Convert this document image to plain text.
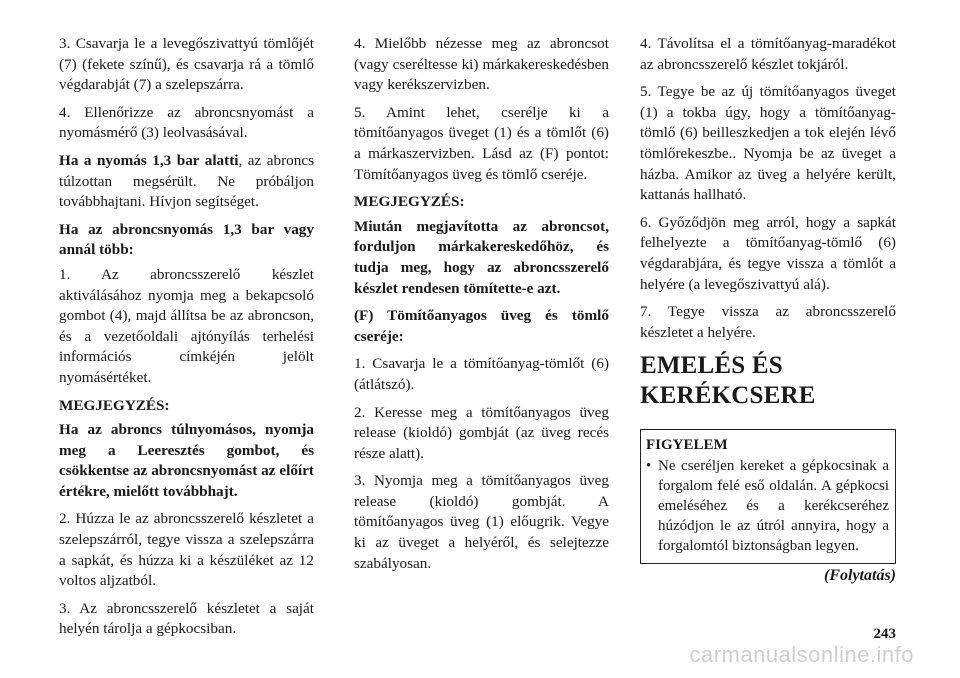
3. Csavarja le a levegőszivattyú tömlőjét (7) (fekete színű), és csavarja rá a tömlő végdarabját (7) a szelepszárra.

4. Ellenőrizze az abroncsnyomást a nyomásmérő (3) leolvasásával.

Ha a nyomás 1,3 bar alatti, az abroncs túlzottan megsérült. Ne próbáljon továbbhajtani. Hívjon segítséget.

Ha az abroncsnyomás 1,3 bar vagy annál több:

1. Az abroncsszerelő készlet aktiválásához nyomja meg a bekapcsoló gombot (4), majd állítsa be az abroncson, és a vezetőoldali ajtónyílás terhelési információs címkéjén jelölt nyomásértéket.

MEGJEGYZÉS:

Ha az abroncs túlnyomásos, nyomja meg a Leeresztés gombot, és csökkentse az abroncsnyomást az előírt értékre, mielőtt továbbhajt.

2. Húzza le az abroncsszerelő készletet a szelepszárról, tegye vissza a szelepszárra a sapkát, és húzza ki a készüléket az 12 voltos aljzatból.

3. Az abroncsszerelő készletet a saját helyén tárolja a gépkocsiban.

4. Mielőbb nézesse meg az abroncsot (vagy cseréltesse ki) márkakereskedésben vagy kerékszervizben.

5. Amint lehet, cserélje ki a tömítőanyagos üveget (1) és a tömlőt (6) a márkaszervizben. Lásd az (F) pontot: Tömítőanyagos üveg és tömlő cseréje.

MEGJEGYZÉS:

Miután megjavította az abroncsot, forduljon márkakereskedőhöz, és tudja meg, hogy az abroncsszerelő készlet rendesen tömítette-e azt.

(F) Tömítőanyagos üveg és tömlő cseréje:

1. Csavarja le a tömítőanyag-tömlőt (6) (átlátszó).

2. Keresse meg a tömítőanyagos üveg release (kioldó) gombját (az üveg recés része alatt).

3. Nyomja meg a tömítőanyagos üveg release (kioldó) gombját. A tömítőanyagos üveg (1) előugrik. Vegye ki az üveget a helyéről, és selejtezze szabályosan.

4. Távolítsa el a tömítőanyag-maradékot az abroncsszerelő készlet tokjáról.

5. Tegye be az új tömítőanyagos üveget (1) a tokba úgy, hogy a tömítőanyag-tömlő (6) beilleszkedjen a tok elején lévő tömlőrekeszbe.. Nyomja be az üveget a házba. Amikor az üveg a helyére került, kattanás hallható.

6. Győződjön meg arról, hogy a sapkát felhelyezte a tömítőanyag-tömlő (6) végdarabjára, és tegye vissza a tömlőt a helyére (a levegőszivattyú alá).

7. Tegye vissza az abroncsszerelő készletet a helyére.

EMELÉS ÉS KERÉKCSERE
FIGYELEM
• Ne cseréljen kereket a gépkocsinak a forgalom felé eső oldalán. A gépkocsi emeléséhez és a kerékcseréhez húzódjon le az útról annyira, hogy a forgalomtól biztonságban legyen.
(Folytatás)
243
carmanualsonline.info
